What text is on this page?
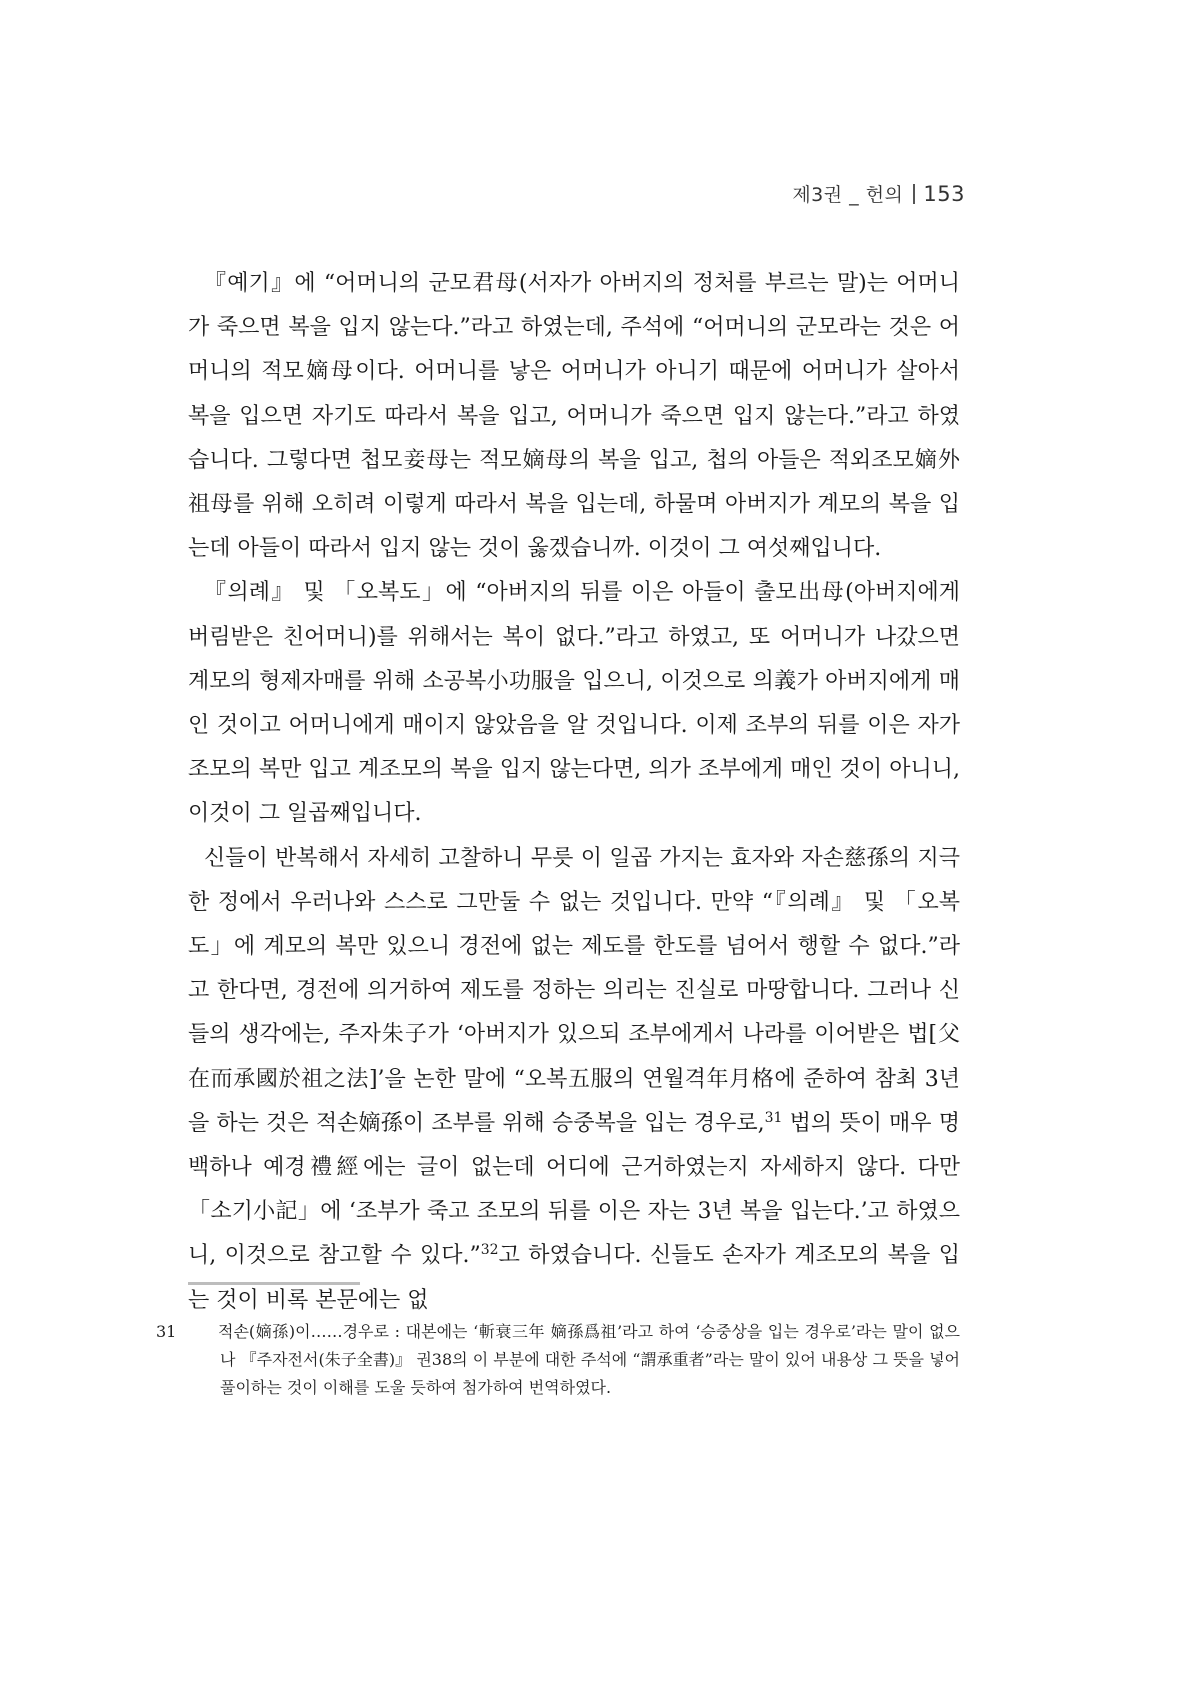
제3권 _ 헌의 153

『예기』에 “어머니의 군모君母(서자가 아버지의 정처를 부르는 말)는 어머니가 죽으면 복을 입지 않는다.”라고 하였는데, 주석에 “어머니의 군모라는 것은 어머니의 적모嫡母이다. 어머니를 낳은 어머니가 아니기 때문에 어머니가 살아서 복을 입으면 자기도 따라서 복을 입고, 어머니가 죽으면 입지 않는다.”라고 하였습니다. 그렇다면 첩모妾母는 적모嫡母의 복을 입고, 첩의 아들은 적외조모嫡外祖母를 위해 오히려 이렇게 따라서 복을 입는데, 하물며 아버지가 계모의 복을 입는데 아들이 따라서 입지 않는 것이 옳겠습니까. 이것이 그 여섯째입니다.

『의례』 및 「오복도」에 “아버지의 뒤를 이은 아들이 출모出母(아버지에게 버림받은 친어머니)를 위해서는 복이 없다.”라고 하였고, 또 어머니가 나갔으면 계모의 형제자매를 위해 소공복小功服을 입으니, 이것으로 의義가 아버지에게 매인 것이고 어머니에게 매이지 않았음을 알 것입니다. 이제 조부의 뒤를 이은 자가 조모의 복만 입고 계조모의 복을 입지 않는다면, 의가 조부에게 매인 것이 아니니, 이것이 그 일곱째입니다.

신들이 반복해서 자세히 고찰하니 무릇 이 일곱 가지는 효자와 자손慈孫의 지극한 정에서 우러나와 스스로 그만둘 수 없는 것입니다. 만약 “『의례』 및 「오복도」에 계모의 복만 있으니 경전에 없는 제도를 한도를 넘어서 행할 수 없다.”라고 한다면, 경전에 의거하여 제도를 정하는 의리는 진실로 마땅합니다. 그러나 신들의 생각에는, 주자朱子가 ‘아버지가 있으되 조부에게서 나라를 이어받은 법[父在而承國於祖之法]’을 논한 말에 “오복五服의 연월격年月格에 준하여 참최 3년을 하는 것은 적손嫡孫이 조부를 위해 승중복을 입는 경우로,$^{31}$ 법의 뜻이 매우 명백하나 예경禮經에는 글이 없는데 어디에 근거하였는지 자세하지 않다. 다만 「소기小記」에 ‘조부가 죽고 조모의 뒤를 이은 자는 3년 복을 입는다.’고 하였으니, 이것으로 참고할 수 있다.”$^{32}$고 하였습니다. 신들도 손자가 계조모의 복을 입는 것이 비록 본문에는 없

31	적손(嫡孫)이……경우로 : 대본에는 ‘斬衰三年 嫡孫爲祖’라고 하여 ‘승중상을 입는 경우로’라는 말이 없으나 『주자전서(朱子全書)』 권38의 이 부분에 대한 주석에 “謂承重者”라는 말이 있어 내용상 그 뜻을 넣어 풀이하는 것이 이해를 도울 듯하여 첨가하여 번역하였다.
